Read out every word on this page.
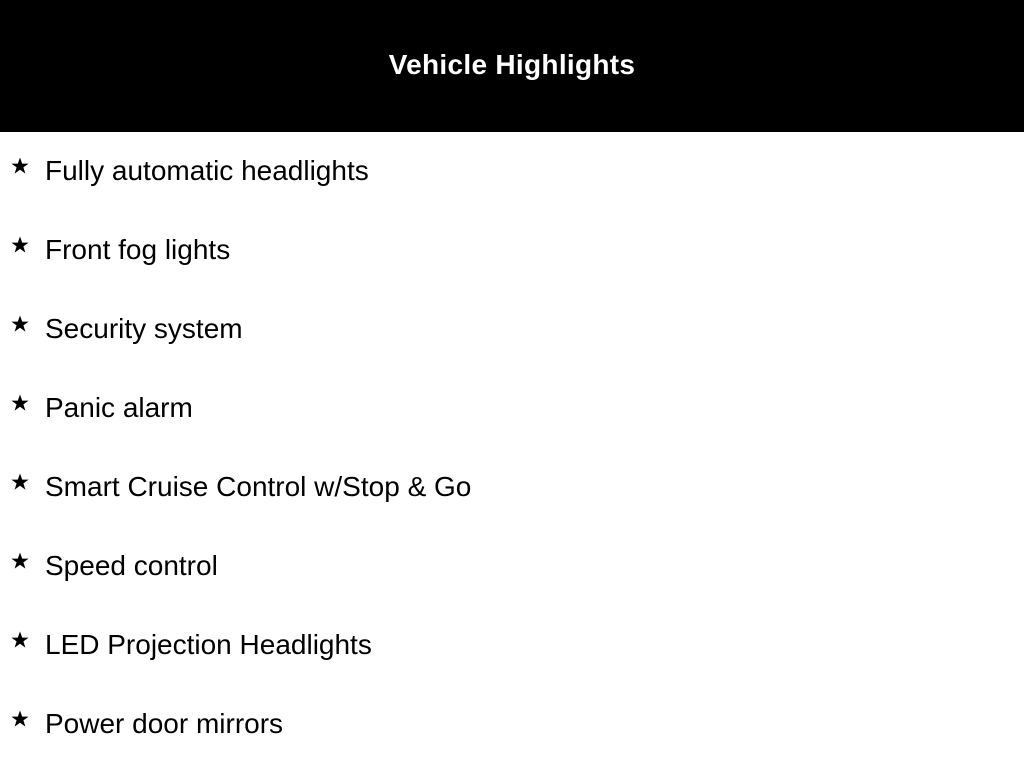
Vehicle Highlights
Fully automatic headlights
Front fog lights
Security system
Panic alarm
Smart Cruise Control w/Stop & Go
Speed control
LED Projection Headlights
Power door mirrors
